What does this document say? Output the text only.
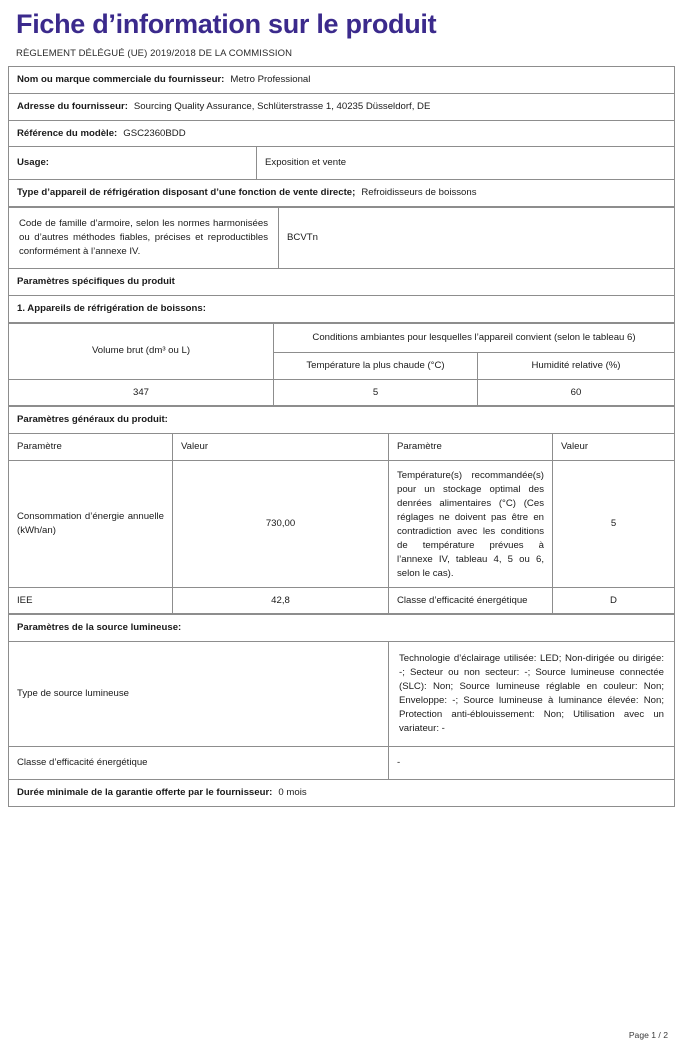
Fiche d’information sur le produit
RÈGLEMENT DÉLÉGUÉ (UE) 2019/2018 DE LA COMMISSION
Nom ou marque commerciale du fournisseur: Metro Professional
Adresse du fournisseur: Sourcing Quality Assurance, Schlüterstrasse 1, 40235 Düsseldorf, DE
Référence du modèle: GSC2360BDD
Usage:	Exposition et vente
Type d’appareil de réfrigération disposant d’une fonction de vente directe; Refroidisseurs de boissons
Code de famille d’armoire, selon les normes harmonisées ou d’autres méthodes fiables, précises et reproductibles conformément à l’annexe IV.	BCVTn
Paramètres spécifiques du produit
1. Appareils de réfrigération de boissons:
Volume brut (dm³ ou L)	Conditions ambiantes pour lesquelles l’appareil convient (selon le tableau 6)	
	Température la plus chaude (°C)	Humidité relative (%)
347	5	60
Paramètres généraux du produit:			
Paramètre	Valeur	Paramètre	Valeur
Consommation d’énergie annuelle (kWh/an)	730,00	Température(s) recommandée(s) pour un stockage optimal des denrées alimentaires (°C) (Ces réglages ne doivent pas être en contradiction avec les conditions de température prévues à l’annexe IV, tableau 4, 5 ou 6, selon le cas).	5
IEE	42,8	Classe d’efficacité énergétique	D
Paramètres de la source lumineuse:	
Type de source lumineuse	Technologie d’éclairage utilisée: LED; Non-dirigée ou dirigée: -; Secteur ou non secteur: -; Source lumineuse connectée (SLC): Non; Source lumineuse réglable en couleur: Non; Enveloppe: -; Source lumineuse à luminance élevée: Non; Protection anti-éblouissement: Non; Utilisation avec un variateur: -
Classe d’efficacité énergétique	-
Durée minimale de la garantie offerte par le fournisseur: 0 mois	
Page 1 / 2
